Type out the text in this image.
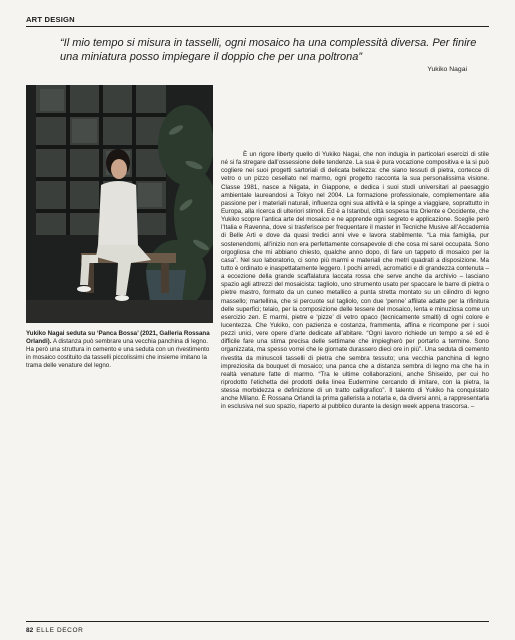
ART DESIGN
“Il mio tempo si misura in tasselli, ogni mosaico ha una complessità diversa. Per finire una miniatura posso impiegare il doppio che per una poltrona”
Yukiko Nagai
Yukiko Nagai seduta su ‘Panca Bossa’ (2021, Galleria Rossana Orlandi). A distanza può sembrare una vecchia panchina di legno. Ha però una struttura in cemento e una seduta con un rivestimento in mosaico costituito da tasselli piccolissimi che insieme imitano la trama delle venature del legno.

È un rigore liberty quello di Yukiko Nagai, che non indugia in particolari esercizi di stile né si fa stregare dall’ossessione delle tendenze. La sua è pura vocazione compositiva e la si può cogliere nei suoi progetti sartoriali di delicata bellezza: che siano tessuti di pietra, cortecce di vetro o un pizzo cesellato nel marmo, ogni progetto racconta la sua personalissima visione. Classe 1981, nasce a Niigata, in Giappone, e dedica i suoi studi universitari al paesaggio ambientale laureandosi a Tokyo nel 2004. La formazione professionale, complementare alla passione per i materiali naturali, influenza ogni sua attività e la spinge a viaggiare, soprattutto in Europa, alla ricerca di ulteriori stimoli. Ed è a Istanbul, città sospesa tra Oriente e Occidente, che Yukiko scopre l’antica arte del mosaico e ne apprende ogni segreto e applicazione. Sceglie però l’Italia e Ravenna, dove si trasferisce per frequentare il master in Tecniche Musive all’Accademia di Belle Arti e dove da quasi tredici anni vive e lavora stabilmente. “La mia famiglia, pur sostenendomi, all’inizio non era perfettamente consapevole di che cosa mi sarei occupata. Sono orgogliosa che mi abbiano chiesto, qualche anno dopo, di fare un tappeto di mosaico per la casa”. Nel suo laboratorio, ci sono più marmi e materiali che metri quadrati a disposizione. Ma tutto è ordinato e inaspettatamente leggero. I pochi arredi, acromatici e di grandezza contenuta – a eccezione della grande scaffalatura laccata rossa che serve anche da archivio – lasciano spazio agli attrezzi del mosaicista: tagliolo, uno strumento usato per spaccare le barre di pietra o pietre mastro, formato da un cuneo metallico a punta stretta montato su un cilindro di legno massello; martellina, che si percuote sul tagliolo, con due ‘penne’ affilate adatte per la rifinitura delle superfici; telaio, per la composizione delle tessere del mosaico, lenta e minuziosa come un esercizio zen. E marmi, pietre e ‘pizze’ di vetro opaco (tecnicamente smalti) di ogni colore e lucentezza. Che Yukiko, con pazienza e costanza, frammenta, affina e ricompone per i suoi pezzi unici, vere opere d’arte dedicate all’abitare. “Ogni lavoro richiede un tempo a sé ed è difficile fare una stima precisa delle settimane che impiegherò per portarlo a termine. Sono organizzata, ma spesso vorrei che le giornate durassero dieci ore in più”. Una seduta di cemento rivestita da minuscoli tasselli di pietra che sembra tessuto; una vecchia panchina di legno impreziosita da bouquet di mosaico; una panca che a distanza sembra di legno ma che ha in realtà venature fatte di marmo. “Tra le ultime collaborazioni, anche Shiseido, per cui ho riprodotto l’etichetta dei prodotti della linea Eudermine cercando di imitare, con la pietra, la stessa morbidezza e definizione di un tratto calligrafico”. Il talento di Yukiko ha conquistato anche Milano. È Rossana Orlandi la prima gallerista a notarla e, da diversi anni, a rappresentarla in esclusiva nel suo spazio, riaperto al pubblico durante la design week appena trascorsa. –

82 ELLE DECOR
